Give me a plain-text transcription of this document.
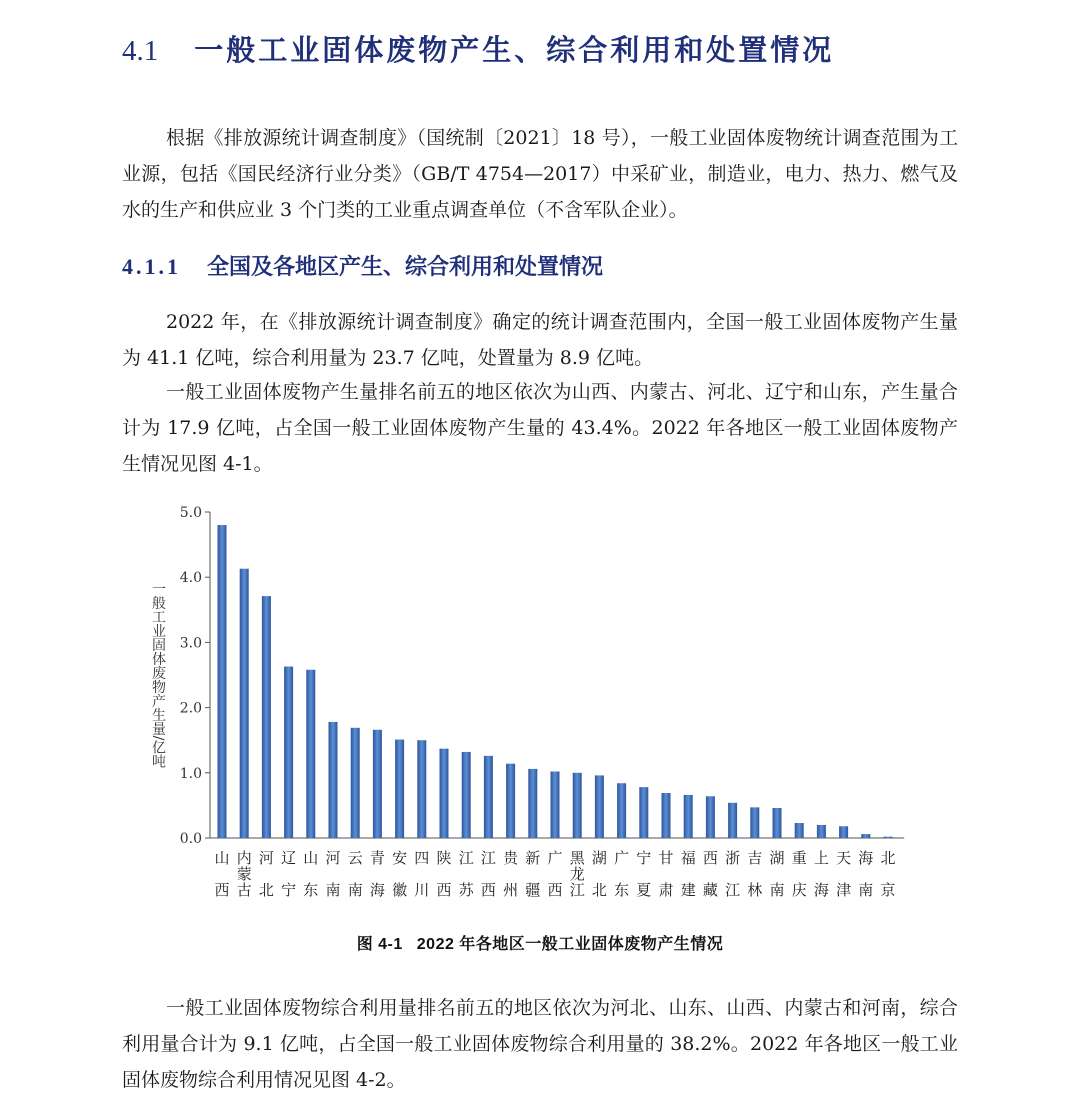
4.1 一般工业固体废物产生、综合利用和处置情况

根据《排放源统计调查制度》（国统制〔2021〕18 号），一般工业固体废物统计调查范围为工业源，包括《国民经济行业分类》（GB/T 4754—2017）中采矿业，制造业，电力、热力、燃气及水的生产和供应业 3 个门类的工业重点调查单位（不含军队企业）。

4.1.1 全国及各地区产生、综合利用和处置情况

2022 年，在《排放源统计调查制度》确定的统计调查范围内，全国一般工业固体废物产生量为 41.1 亿吨，综合利用量为 23.7 亿吨，处置量为 8.9 亿吨。

一般工业固体废物产生量排名前五的地区依次为山西、内蒙古、河北、辽宁和山东，产生量合计为 17.9 亿吨，占全国一般工业固体废物产生量的 43.4%。2022 年各地区一般工业固体废物产生情况见图 4-1。

一般工业固体废物产生量/亿吨
0.0
1.0
2.0
3.0
4.0
5.0
山西
内蒙古
河北
辽宁
山东
河南
云南
青海
安徽
四川
陕西
江苏
江西
贵州
新疆
广西
黑龙江
湖北
广东
宁夏
甘肃
福建
西藏
浙江
吉林
湖南
重庆
上海
天津
海南
北京

图 4-1 2022 年各地区一般工业固体废物产生情况

一般工业固体废物综合利用量排名前五的地区依次为河北、山东、山西、内蒙古和河南，综合利用量合计为 9.1 亿吨，占全国一般工业固体废物综合利用量的 38.2%。2022 年各地区一般工业固体废物综合利用情况见图 4-2。
